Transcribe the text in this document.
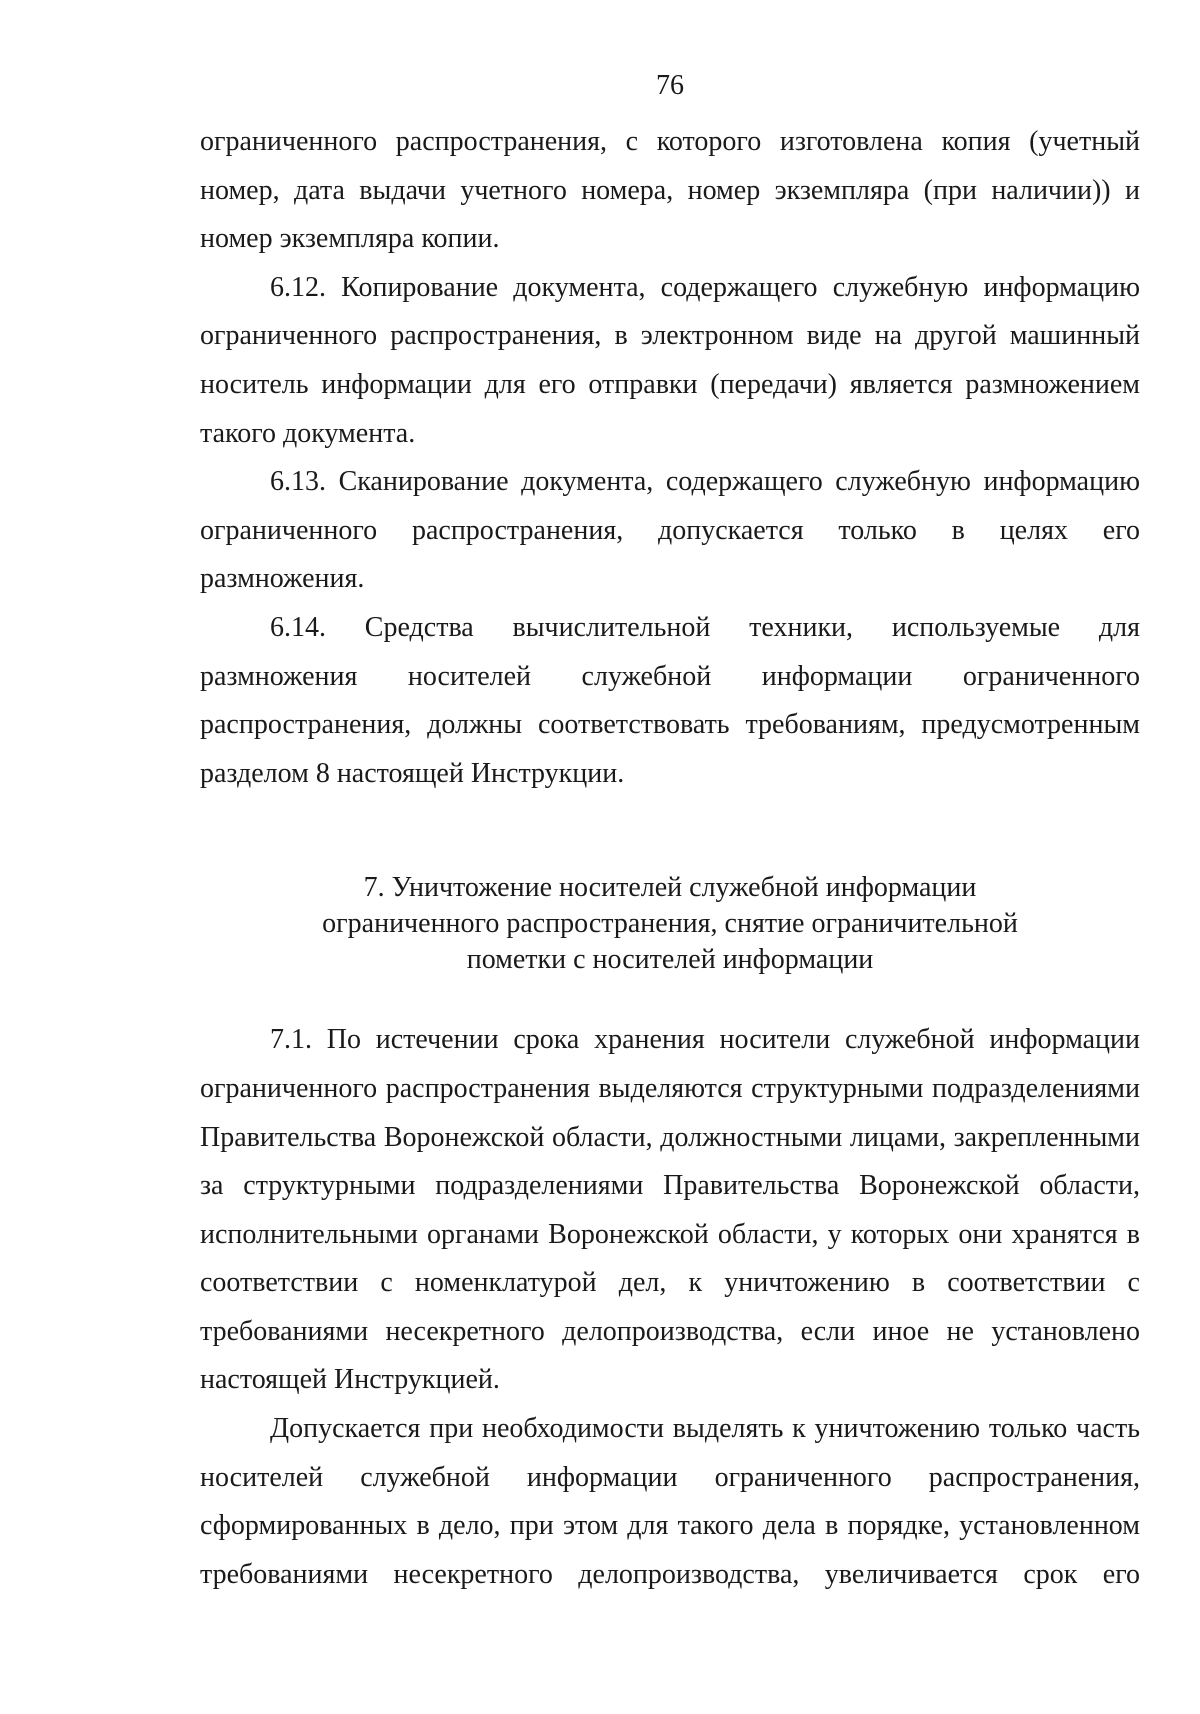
76

ограниченного распространения, с которого изготовлена копия (учетный номер, дата выдачи учетного номера, номер экземпляра (при наличии)) и номер экземпляра копии.

6.12. Копирование документа, содержащего служебную информацию ограниченного распространения, в электронном виде на другой машинный носитель информации для его отправки (передачи) является размножением такого документа.

6.13. Сканирование документа, содержащего служебную информацию ограниченного распространения, допускается только в целях его размножения.

6.14. Средства вычислительной техники, используемые для размножения носителей служебной информации ограниченного распространения, должны соответствовать требованиям, предусмотренным разделом 8 настоящей Инструкции.

7. Уничтожение носителей служебной информации
ограниченного распространения, снятие ограничительной
пометки с носителей информации

7.1. По истечении срока хранения носители служебной информации ограниченного распространения выделяются структурными подразделениями Правительства Воронежской области, должностными лицами, закрепленными за структурными подразделениями Правительства Воронежской области, исполнительными органами Воронежской области, у которых они хранятся в соответствии с номенклатурой дел, к уничтожению в соответствии с требованиями несекретного делопроизводства, если иное не установлено настоящей Инструкцией.

Допускается при необходимости выделять к уничтожению только часть носителей служебной информации ограниченного распространения, сформированных в дело, при этом для такого дела в порядке, установленном требованиями несекретного делопроизводства, увеличивается срок его
